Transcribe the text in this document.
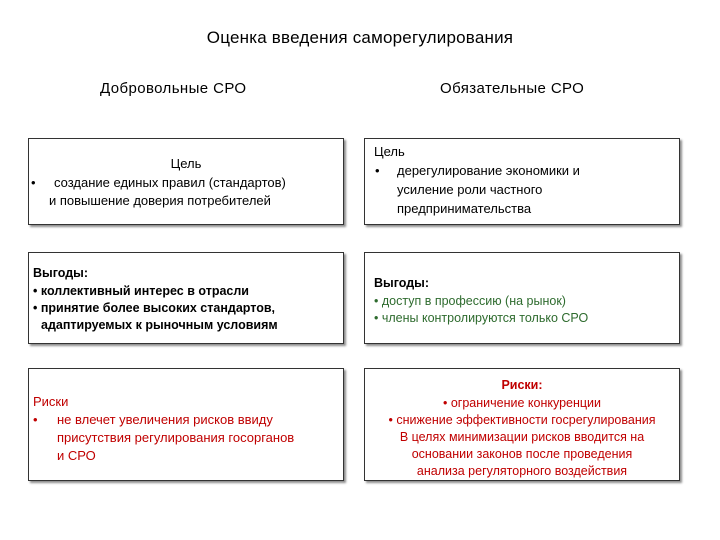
Оценка введения саморегулирования
Добровольные СРО	Обязательные СРО
Цель
• создание единых правил (стандартов)
и повышение доверия потребителей
Цель
• дерегулирование экономики и
усиление роли частного
предпринимательства
Выгоды:
• коллективный интерес в отрасли
• принятие более высоких стандартов,
адаптируемых к рыночным условиям
Выгоды:
• доступ в профессию (на рынок)
• члены контролируются только СРО
Риски
• не влечет увеличения рисков ввиду
присутствия регулирования госорганов
и СРО
Риски:
• ограничение конкуренции
• снижение эффективности госрегулирования
В целях минимизации рисков вводится на
основании законов после проведения
анализа регуляторного воздействия
